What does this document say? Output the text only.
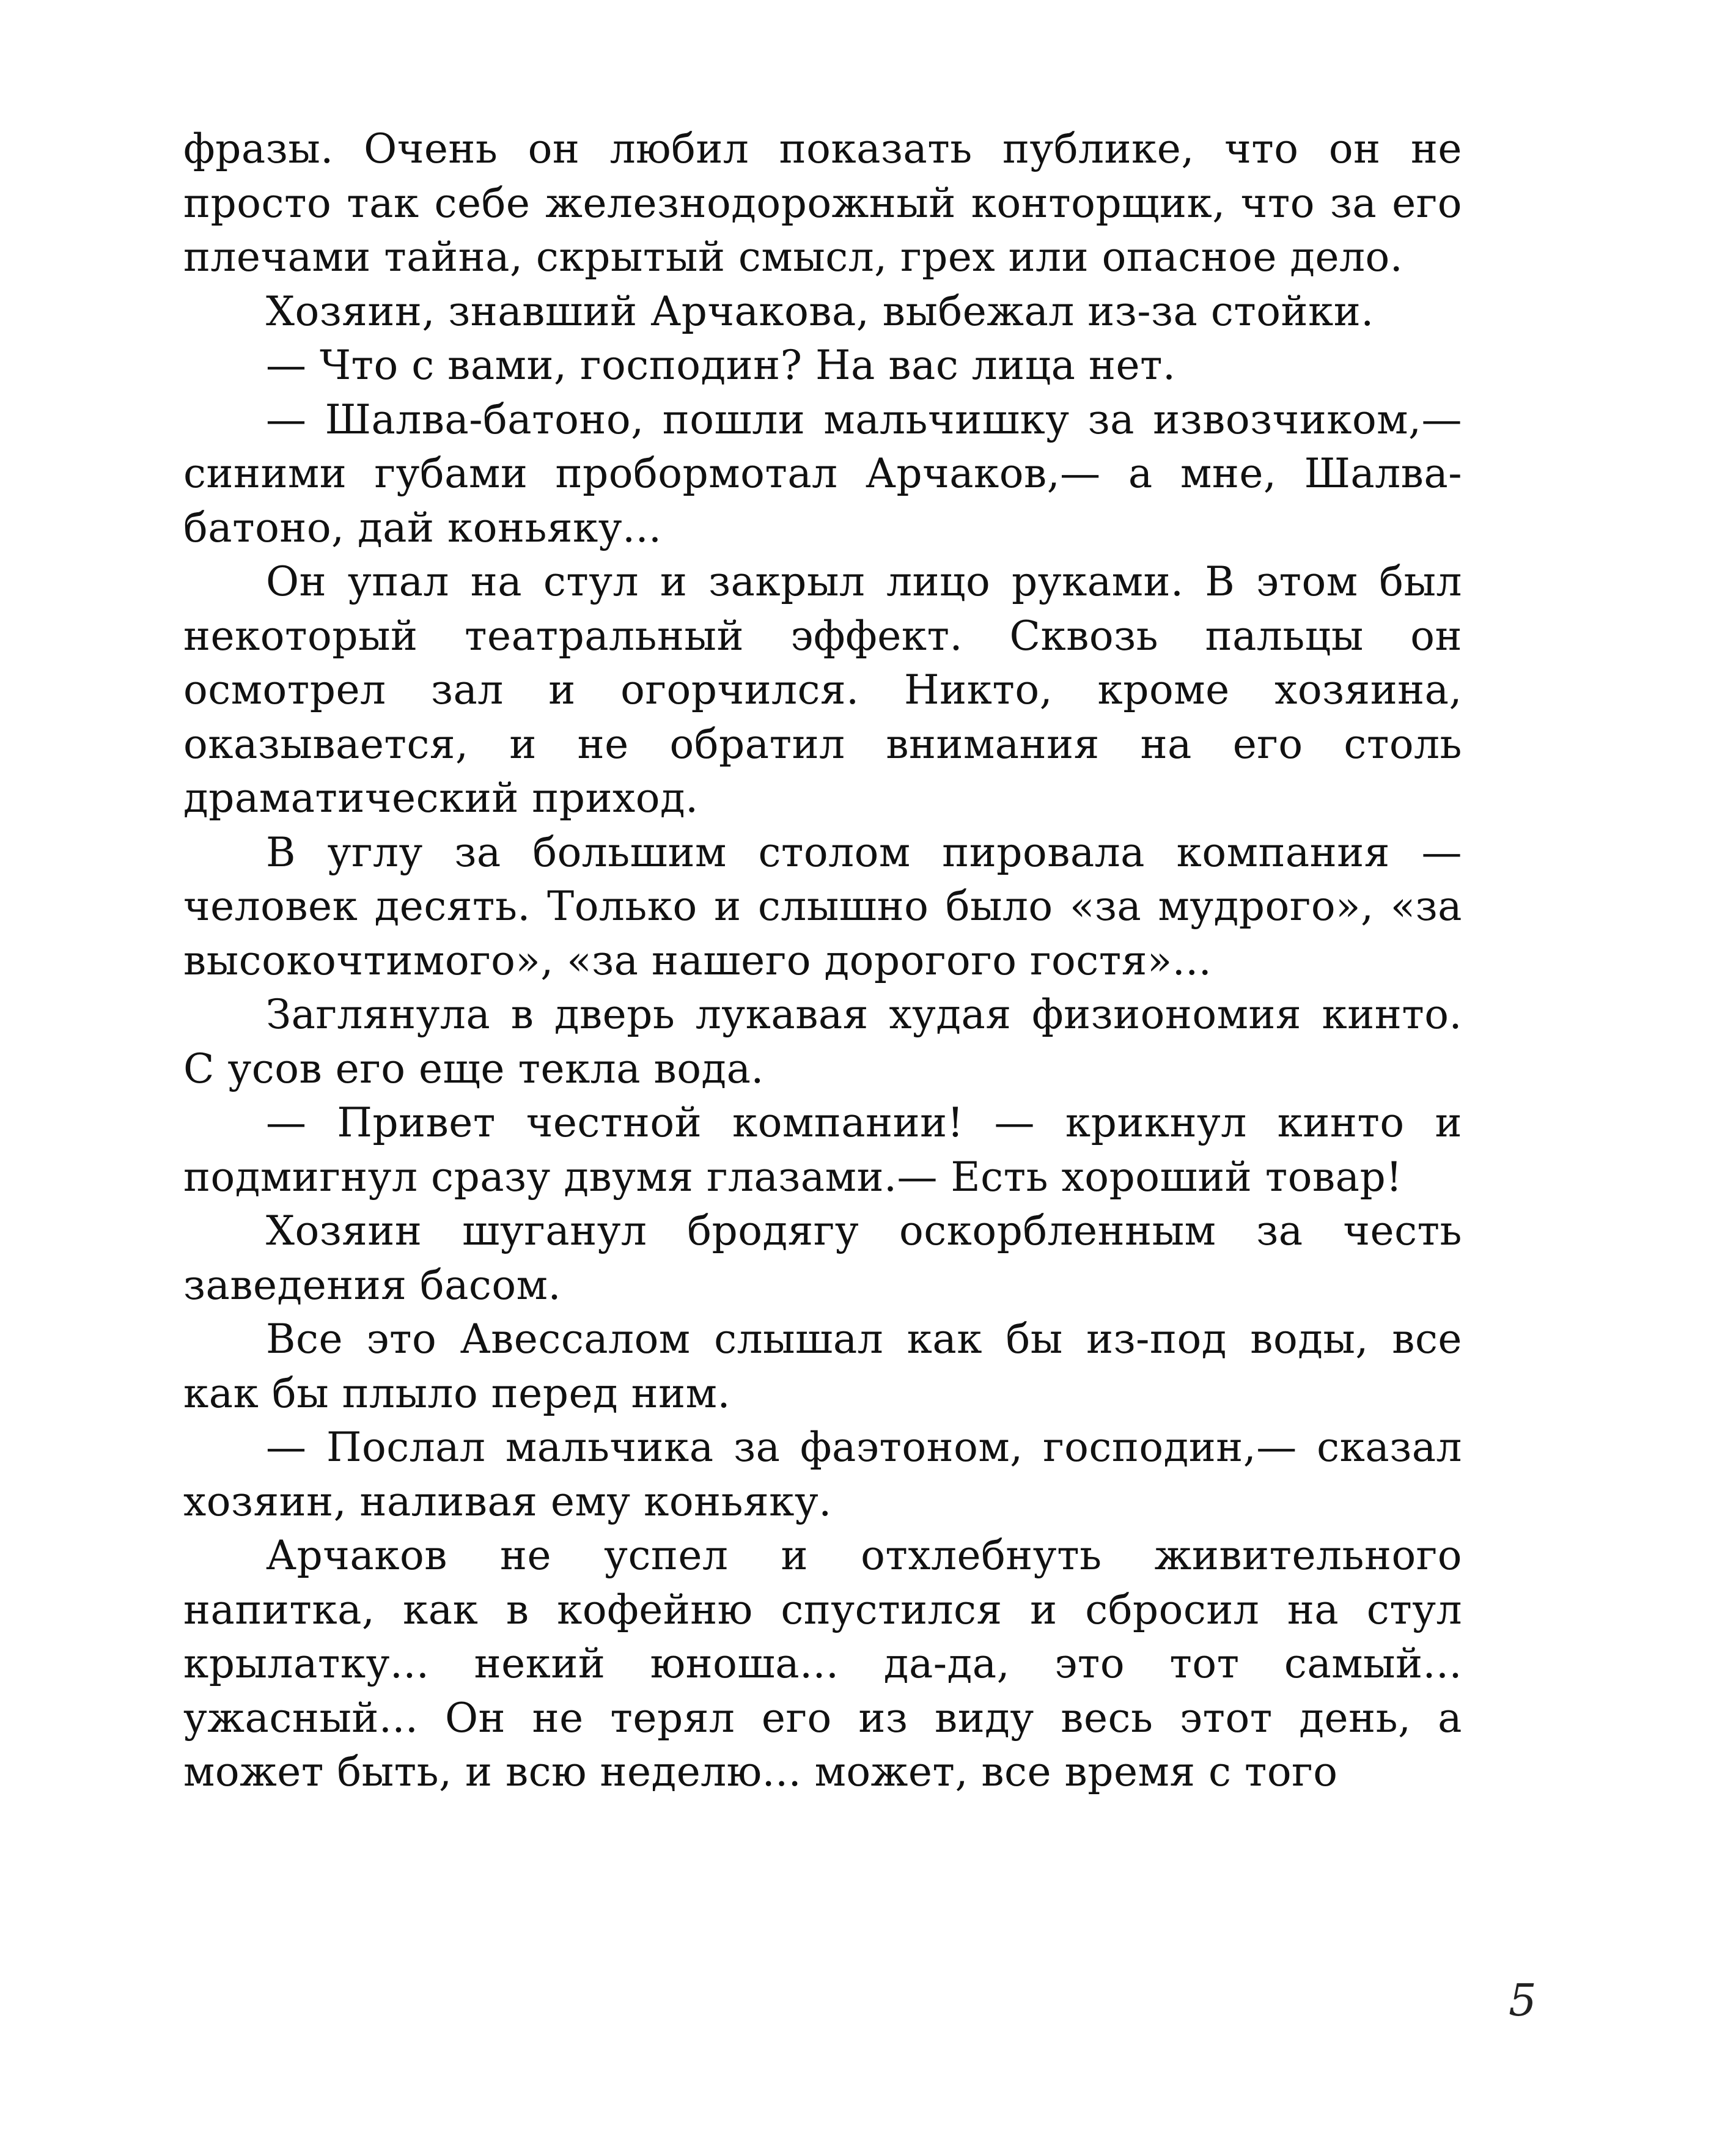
фразы. Очень он любил показать публике, что он не просто так себе железнодорожный конторщик, что за его плечами тайна, скрытый смысл, грех или опасное дело.

Хозяин, знавший Арчакова, выбежал из-за стойки.

— Что с вами, господин? На вас лица нет.

— Шалва-батоно, пошли мальчишку за извозчиком,— синими губами пробормотал Арчаков,— а мне, Шалва-батоно, дай коньяку...

Он упал на стул и закрыл лицо руками. В этом был некоторый театральный эффект. Сквозь пальцы он осмотрел зал и огорчился. Никто, кроме хозяина, оказывается, и не обратил внимания на его столь драматический приход.

В углу за большим столом пировала компания — человек десять. Только и слышно было «за мудрого», «за высокочтимого», «за нашего дорогого гостя»...

Заглянула в дверь лукавая худая физиономия кинто. С усов его еще текла вода.

— Привет честной компании! — крикнул кинто и подмигнул сразу двумя глазами.— Есть хороший товар!

Хозяин шуганул бродягу оскорбленным за честь заведения басом.

Все это Авессалом слышал как бы из-под воды, все как бы плыло перед ним.

— Послал мальчика за фаэтоном, господин,— сказал хозяин, наливая ему коньяку.

Арчаков не успел и отхлебнуть живительного напитка, как в кофейню спустился и сбросил на стул крылатку... некий юноша... да-да, это тот самый... ужасный... Он не терял его из виду весь этот день, а может быть, и всю неделю... может, все время с того

5
